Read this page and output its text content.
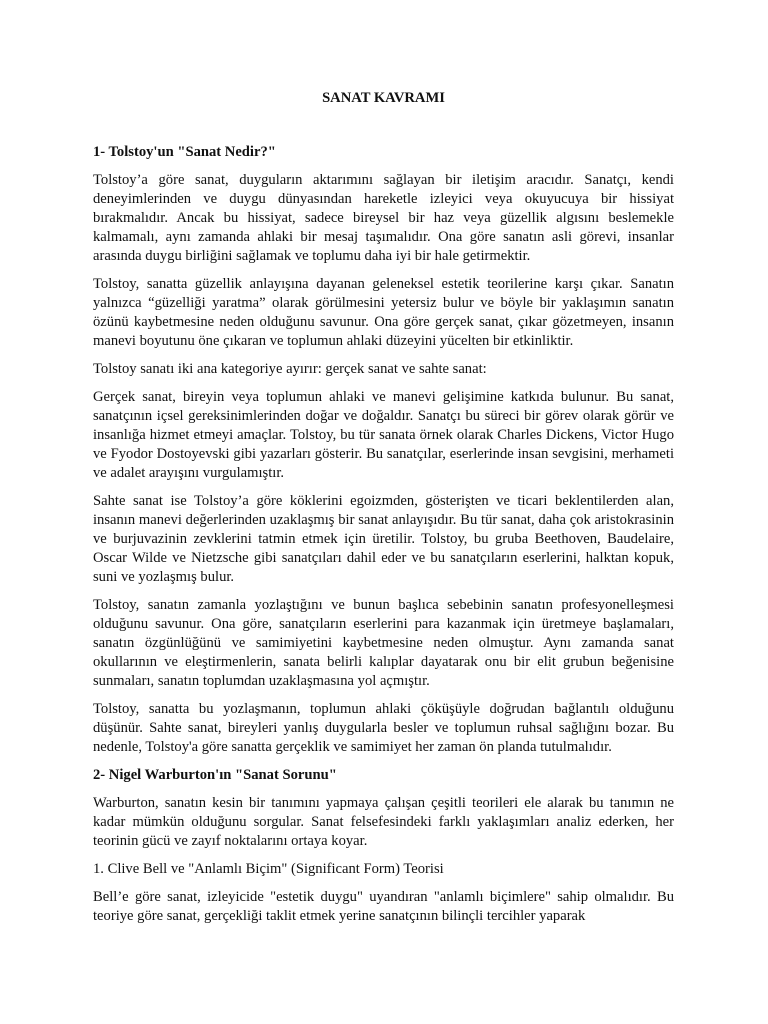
SANAT KAVRAMI
1- Tolstoy'un "Sanat Nedir?"

Tolstoy’a göre sanat, duyguların aktarımını sağlayan bir iletişim aracıdır. Sanatçı, kendi deneyimlerinden ve duygu dünyasından hareketle izleyici veya okuyucuya bir hissiyat bırakmalıdır. Ancak bu hissiyat, sadece bireysel bir haz veya güzellik algısını beslemekle kalmamalı, aynı zamanda ahlaki bir mesaj taşımalıdır. Ona göre sanatın asli görevi, insanlar arasında duygu birliğini sağlamak ve toplumu daha iyi bir hale getirmektir.

Tolstoy, sanatta güzellik anlayışına dayanan geleneksel estetik teorilerine karşı çıkar. Sanatın yalnızca “güzelliği yaratma” olarak görülmesini yetersiz bulur ve böyle bir yaklaşımın sanatın özünü kaybetmesine neden olduğunu savunur. Ona göre gerçek sanat, çıkar gözetmeyen, insanın manevi boyutunu öne çıkaran ve toplumun ahlaki düzeyini yücelten bir etkinliktir.

Tolstoy sanatı iki ana kategoriye ayırır: gerçek sanat ve sahte sanat:

Gerçek sanat, bireyin veya toplumun ahlaki ve manevi gelişimine katkıda bulunur. Bu sanat, sanatçının içsel gereksinimlerinden doğar ve doğaldır. Sanatçı bu süreci bir görev olarak görür ve insanlığa hizmet etmeyi amaçlar. Tolstoy, bu tür sanata örnek olarak Charles Dickens, Victor Hugo ve Fyodor Dostoyevski gibi yazarları gösterir. Bu sanatçılar, eserlerinde insan sevgisini, merhameti ve adalet arayışını vurgulamıştır.

Sahte sanat ise Tolstoy’a göre köklerini egoizmden, gösterişten ve ticari beklentilerden alan, insanın manevi değerlerinden uzaklaşmış bir sanat anlayışıdır. Bu tür sanat, daha çok aristokrasinin ve burjuvazinin zevklerini tatmin etmek için üretilir. Tolstoy, bu gruba Beethoven, Baudelaire, Oscar Wilde ve Nietzsche gibi sanatçıları dahil eder ve bu sanatçıların eserlerini, halktan kopuk, suni ve yozlaşmış bulur.

Tolstoy, sanatın zamanla yozlaştığını ve bunun başlıca sebebinin sanatın profesyonelleşmesi olduğunu savunur. Ona göre, sanatçıların eserlerini para kazanmak için üretmeye başlamaları, sanatın özgünlüğünü ve samimiyetini kaybetmesine neden olmuştur. Aynı zamanda sanat okullarının ve eleştirmenlerin, sanata belirli kalıplar dayatarak onu bir elit grubun beğenisine sunmaları, sanatın toplumdan uzaklaşmasına yol açmıştır.

Tolstoy, sanatta bu yozlaşmanın, toplumun ahlaki çöküşüyle doğrudan bağlantılı olduğunu düşünür. Sahte sanat, bireyleri yanlış duygularla besler ve toplumun ruhsal sağlığını bozar. Bu nedenle, Tolstoy'a göre sanatta gerçeklik ve samimiyet her zaman ön planda tutulmalıdır.

2- Nigel Warburton'ın "Sanat Sorunu"

Warburton, sanatın kesin bir tanımını yapmaya çalışan çeşitli teorileri ele alarak bu tanımın ne kadar mümkün olduğunu sorgular. Sanat felsefesindeki farklı yaklaşımları analiz ederken, her teorinin gücü ve zayıf noktalarını ortaya koyar.

1. Clive Bell ve "Anlamlı Biçim" (Significant Form) Teorisi

Bell’e göre sanat, izleyicide "estetik duygu" uyandıran "anlamlı biçimlere" sahip olmalıdır. Bu teoriye göre sanat, gerçekliği taklit etmek yerine sanatçının bilinçli tercihler yaparak
